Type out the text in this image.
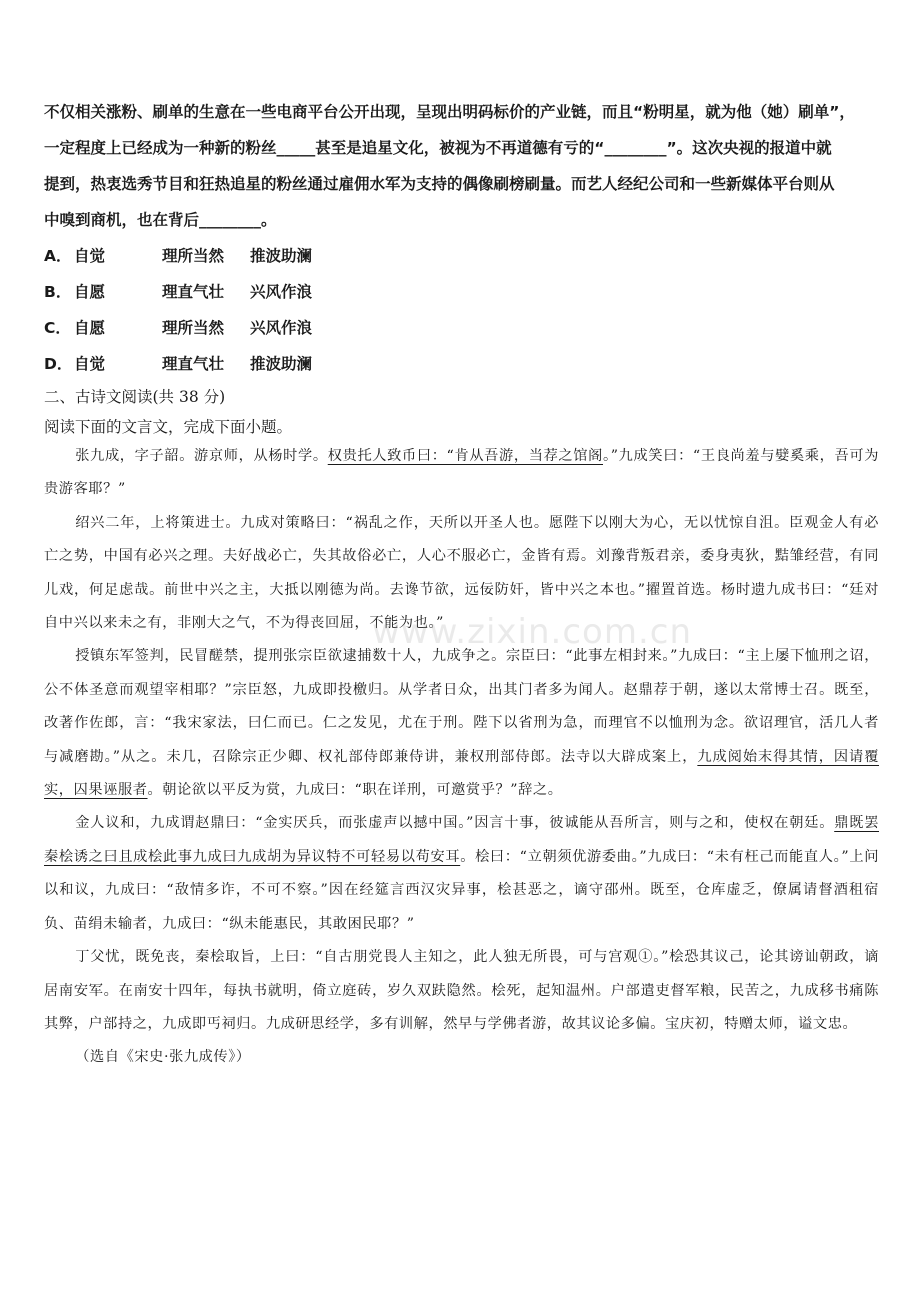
不仅相关涨粉、刷单的生意在一些电商平台公开出现，呈现出明码标价的产业链，而且“粉明星，就为他（她）刷单”，

一定程度上已经成为一种新的粉丝_____甚至是追星文化，被视为不再道德有亏的“________”。这次央视的报道中就

提到，热衷选秀节目和狂热追星的粉丝通过雇佣水军为支持的偶像刷榜刷量。而艺人经纪公司和一些新媒体平台则从

中嗅到商机，也在背后________。

A． 自觉	理所当然 推波助澜
B． 自愿	理直气壮 兴风作浪
C． 自愿	理所当然 兴风作浪
D． 自觉	理直气壮 推波助澜

二、古诗文阅读(共 38 分)

阅读下面的文言文，完成下面小题。

张九成，字子韶。游京师，从杨时学。权贵托人致币曰：“肯从吾游，当荐之馆阁。”九成笑曰：“王良尚羞与嬖奚乘，吾可为贵游客耶？”

绍兴二年，上将策进士。九成对策略曰：“祸乱之作，天所以开圣人也。愿陛下以刚大为心，无以忧惊自沮。臣观金人有必亡之势，中国有必兴之理。夫好战必亡，失其故俗必亡，人心不服必亡，金皆有焉。刘豫背叛君亲，委身夷狄，黠雏经营，有同儿戏，何足虑哉。前世中兴之主，大抵以刚德为尚。去谗节欲，远佞防奸，皆中兴之本也。”擢置首选。杨时遗九成书曰：“廷对自中兴以来未之有，非刚大之气，不为得丧回屈，不能为也。”

授镇东军签判，民冒醝禁，提刑张宗臣欲逮捕数十人，九成争之。宗臣曰：“此事左相封来。”九成曰：“主上屡下恤刑之诏，公不体圣意而观望宰相耶？”宗臣怒，九成即投檄归。从学者日众，出其门者多为闻人。赵鼎荐于朝，遂以太常博士召。既至，改著作佐郎，言：“我宋家法，曰仁而已。仁之发见，尤在于刑。陛下以省刑为急，而理官不以恤刑为念。欲诏理官，活几人者与减磨勘。”从之。未几，召除宗正少卿、权礼部侍郎兼侍讲，兼权刑部侍郎。法寺以大辟成案上，九成阅始末得其情，因请覆实，囚果诬服者。朝论欲以平反为赏，九成曰：“职在详刑，可邀赏乎？”辞之。

金人议和，九成谓赵鼎曰：“金实厌兵，而张虚声以撼中国。”因言十事，彼诚能从吾所言，则与之和，使权在朝廷。鼎既罢秦桧诱之曰且成桧此事九成曰九成胡为异议特不可轻易以苟安耳。桧曰：“立朝须优游委曲。”九成曰：“未有枉己而能直人。”上问以和议，九成曰：“敌情多诈，不可不察。”因在经筵言西汉灾异事，桧甚恶之，谪守邵州。既至，仓库虚乏，僚属请督酒租宿负、苗绢未输者，九成曰：“纵未能惠民，其敢困民耶？”

丁父忧，既免丧，秦桧取旨，上曰：“自古朋党畏人主知之，此人独无所畏，可与宫观①。”桧恐其议己，论其谤讪朝政，谪居南安军。在南安十四年，每执书就明，倚立庭砖，岁久双趺隐然。桧死，起知温州。户部遣吏督军粮，民苦之，九成移书痛陈其弊，户部持之，九成即丐祠归。九成研思经学，多有训解，然早与学佛者游，故其议论多偏。宝庆初，特赠太师，谥文忠。

（选自《宋史·张九成传》）

www.zixin.com.cn
